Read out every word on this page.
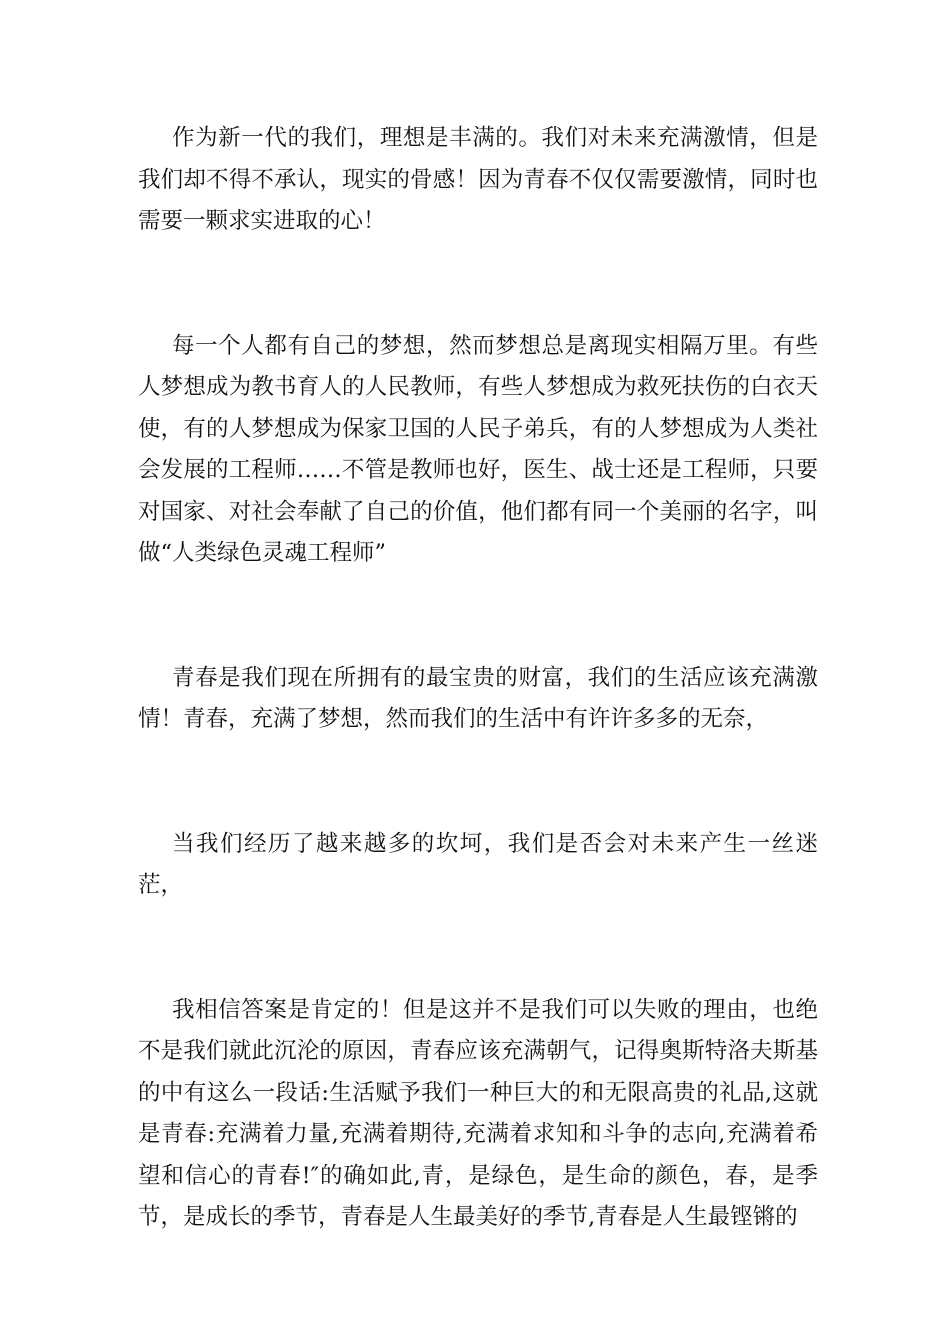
作为新一代的我们，理想是丰满的。我们对未来充满激情，但是我们却不得不承认，现实的骨感！因为青春不仅仅需要激情，同时也需要一颗求实进取的心！

每一个人都有自己的梦想，然而梦想总是离现实相隔万里。有些人梦想成为教书育人的人民教师，有些人梦想成为救死扶伤的白衣天使，有的人梦想成为保家卫国的人民子弟兵，有的人梦想成为人类社会发展的工程师……不管是教师也好，医生、战士还是工程师，只要对国家、对社会奉献了自己的价值，他们都有同一个美丽的名字，叫做“人类绿色灵魂工程师”

青春是我们现在所拥有的最宝贵的财富，我们的生活应该充满激情！青春，充满了梦想，然而我们的生活中有许许多多的无奈，

当我们经历了越来越多的坎坷，我们是否会对未来产生一丝迷茫，

我相信答案是肯定的！但是这并不是我们可以失败的理由，也绝不是我们就此沉沦的原因，青春应该充满朝气，记得奥斯特洛夫斯基的中有这么一段话:生活赋予我们一种巨大的和无限高贵的礼品,这就是青春:充满着力量,充满着期待,充满着求知和斗争的志向,充满着希望和信心的青春!″的确如此,青，是绿色，是生命的颜色，春，是季节，是成长的季节，青春是人生最美好的季节,青春是人生最铿锵的
